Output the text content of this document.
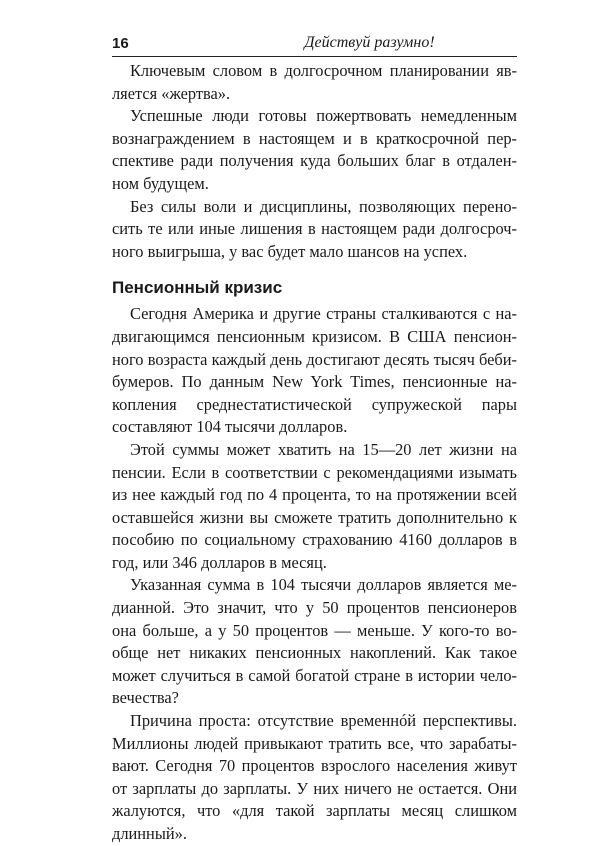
16	Действуй разумно!
Ключевым словом в долгосрочном планировании яв-
ляется «жертва».
Успешные люди готовы пожертвовать немедленным
вознаграждением в настоящем и в краткосрочной пер-
спективе ради получения куда больших благ в отдален-
ном будущем.
Без силы воли и дисциплины, позволяющих перено-
сить те или иные лишения в настоящем ради долгосроч-
ного выигрыша, у вас будет мало шансов на успех.
Пенсионный кризис
Сегодня Америка и другие страны сталкиваются с на-
двигающимся пенсионным кризисом. В США пенсион-
ного возраста каждый день достигают десять тысяч беби-
бумеров. По данным New York Times, пенсионные на-
копления среднестатистической супружеской пары
составляют 104 тысячи долларов.
Этой суммы может хватить на 15—20 лет жизни на
пенсии. Если в соответствии с рекомендациями изымать
из нее каждый год по 4 процента, то на протяжении всей
оставшейся жизни вы сможете тратить дополнительно к
пособию по социальному страхованию 4160 долларов в
год, или 346 долларов в месяц.
Указанная сумма в 104 тысячи долларов является ме-
дианной. Это значит, что у 50 процентов пенсионеров
она больше, а у 50 процентов — меньше. У кого-то во-
обще нет никаких пенсионных накоплений. Как такое
может случиться в самой богатой стране в истории чело-
вечества?
Причина проста: отсутствие временнóй перспективы.
Миллионы людей привыкают тратить все, что зарабаты-
вают. Сегодня 70 процентов взрослого населения живут
от зарплаты до зарплаты. У них ничего не остается. Они
жалуются, что «для такой зарплаты месяц слишком
длинный».
